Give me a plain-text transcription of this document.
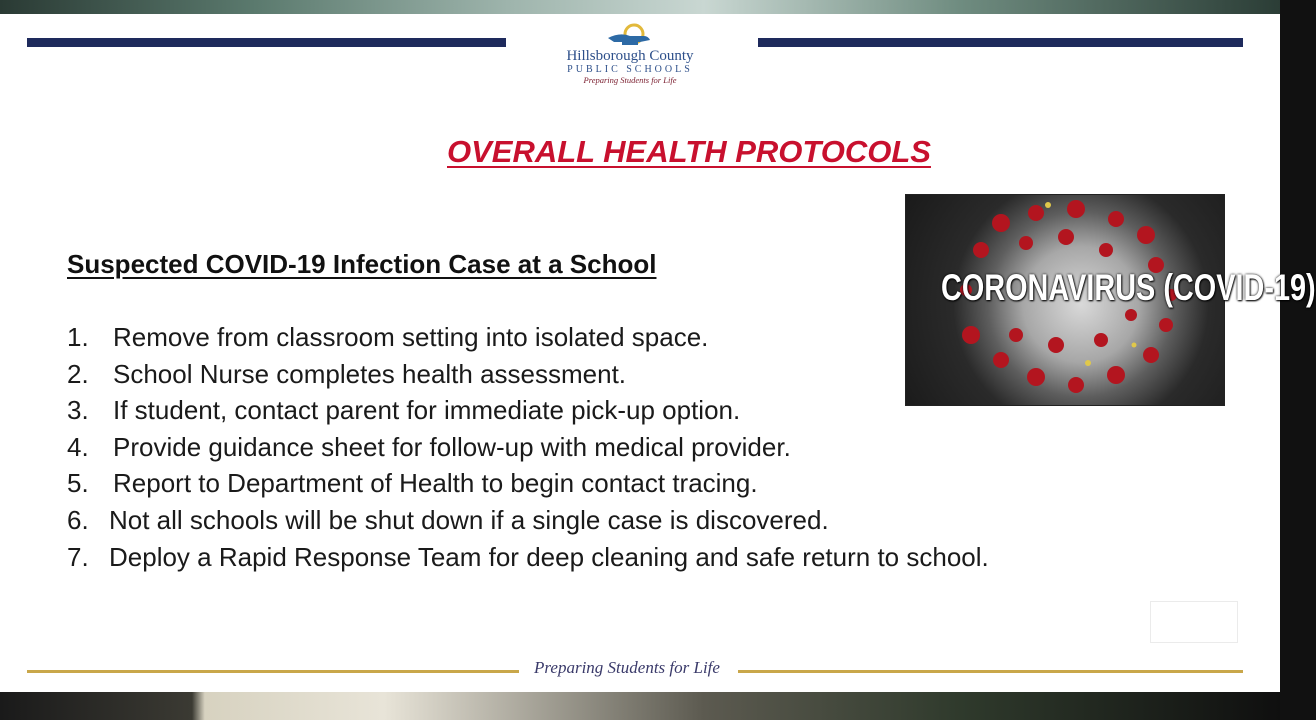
Hillsborough County
PUBLIC SCHOOLS
Preparing Students for Life
OVERALL HEALTH PROTOCOLS
Suspected COVID-19 Infection Case at a School
1. Remove from classroom setting into isolated space.
2. School Nurse completes health assessment.
3. If student, contact parent for immediate pick-up option.
4. Provide guidance sheet for follow-up with medical provider.
5. Report to Department of Health to begin contact tracing.
6. Not all schools will be shut down if a single case is discovered.
7. Deploy a Rapid Response Team for deep cleaning and safe return to school.
CORONAVIRUS (COVID-19)
Preparing Students for Life
